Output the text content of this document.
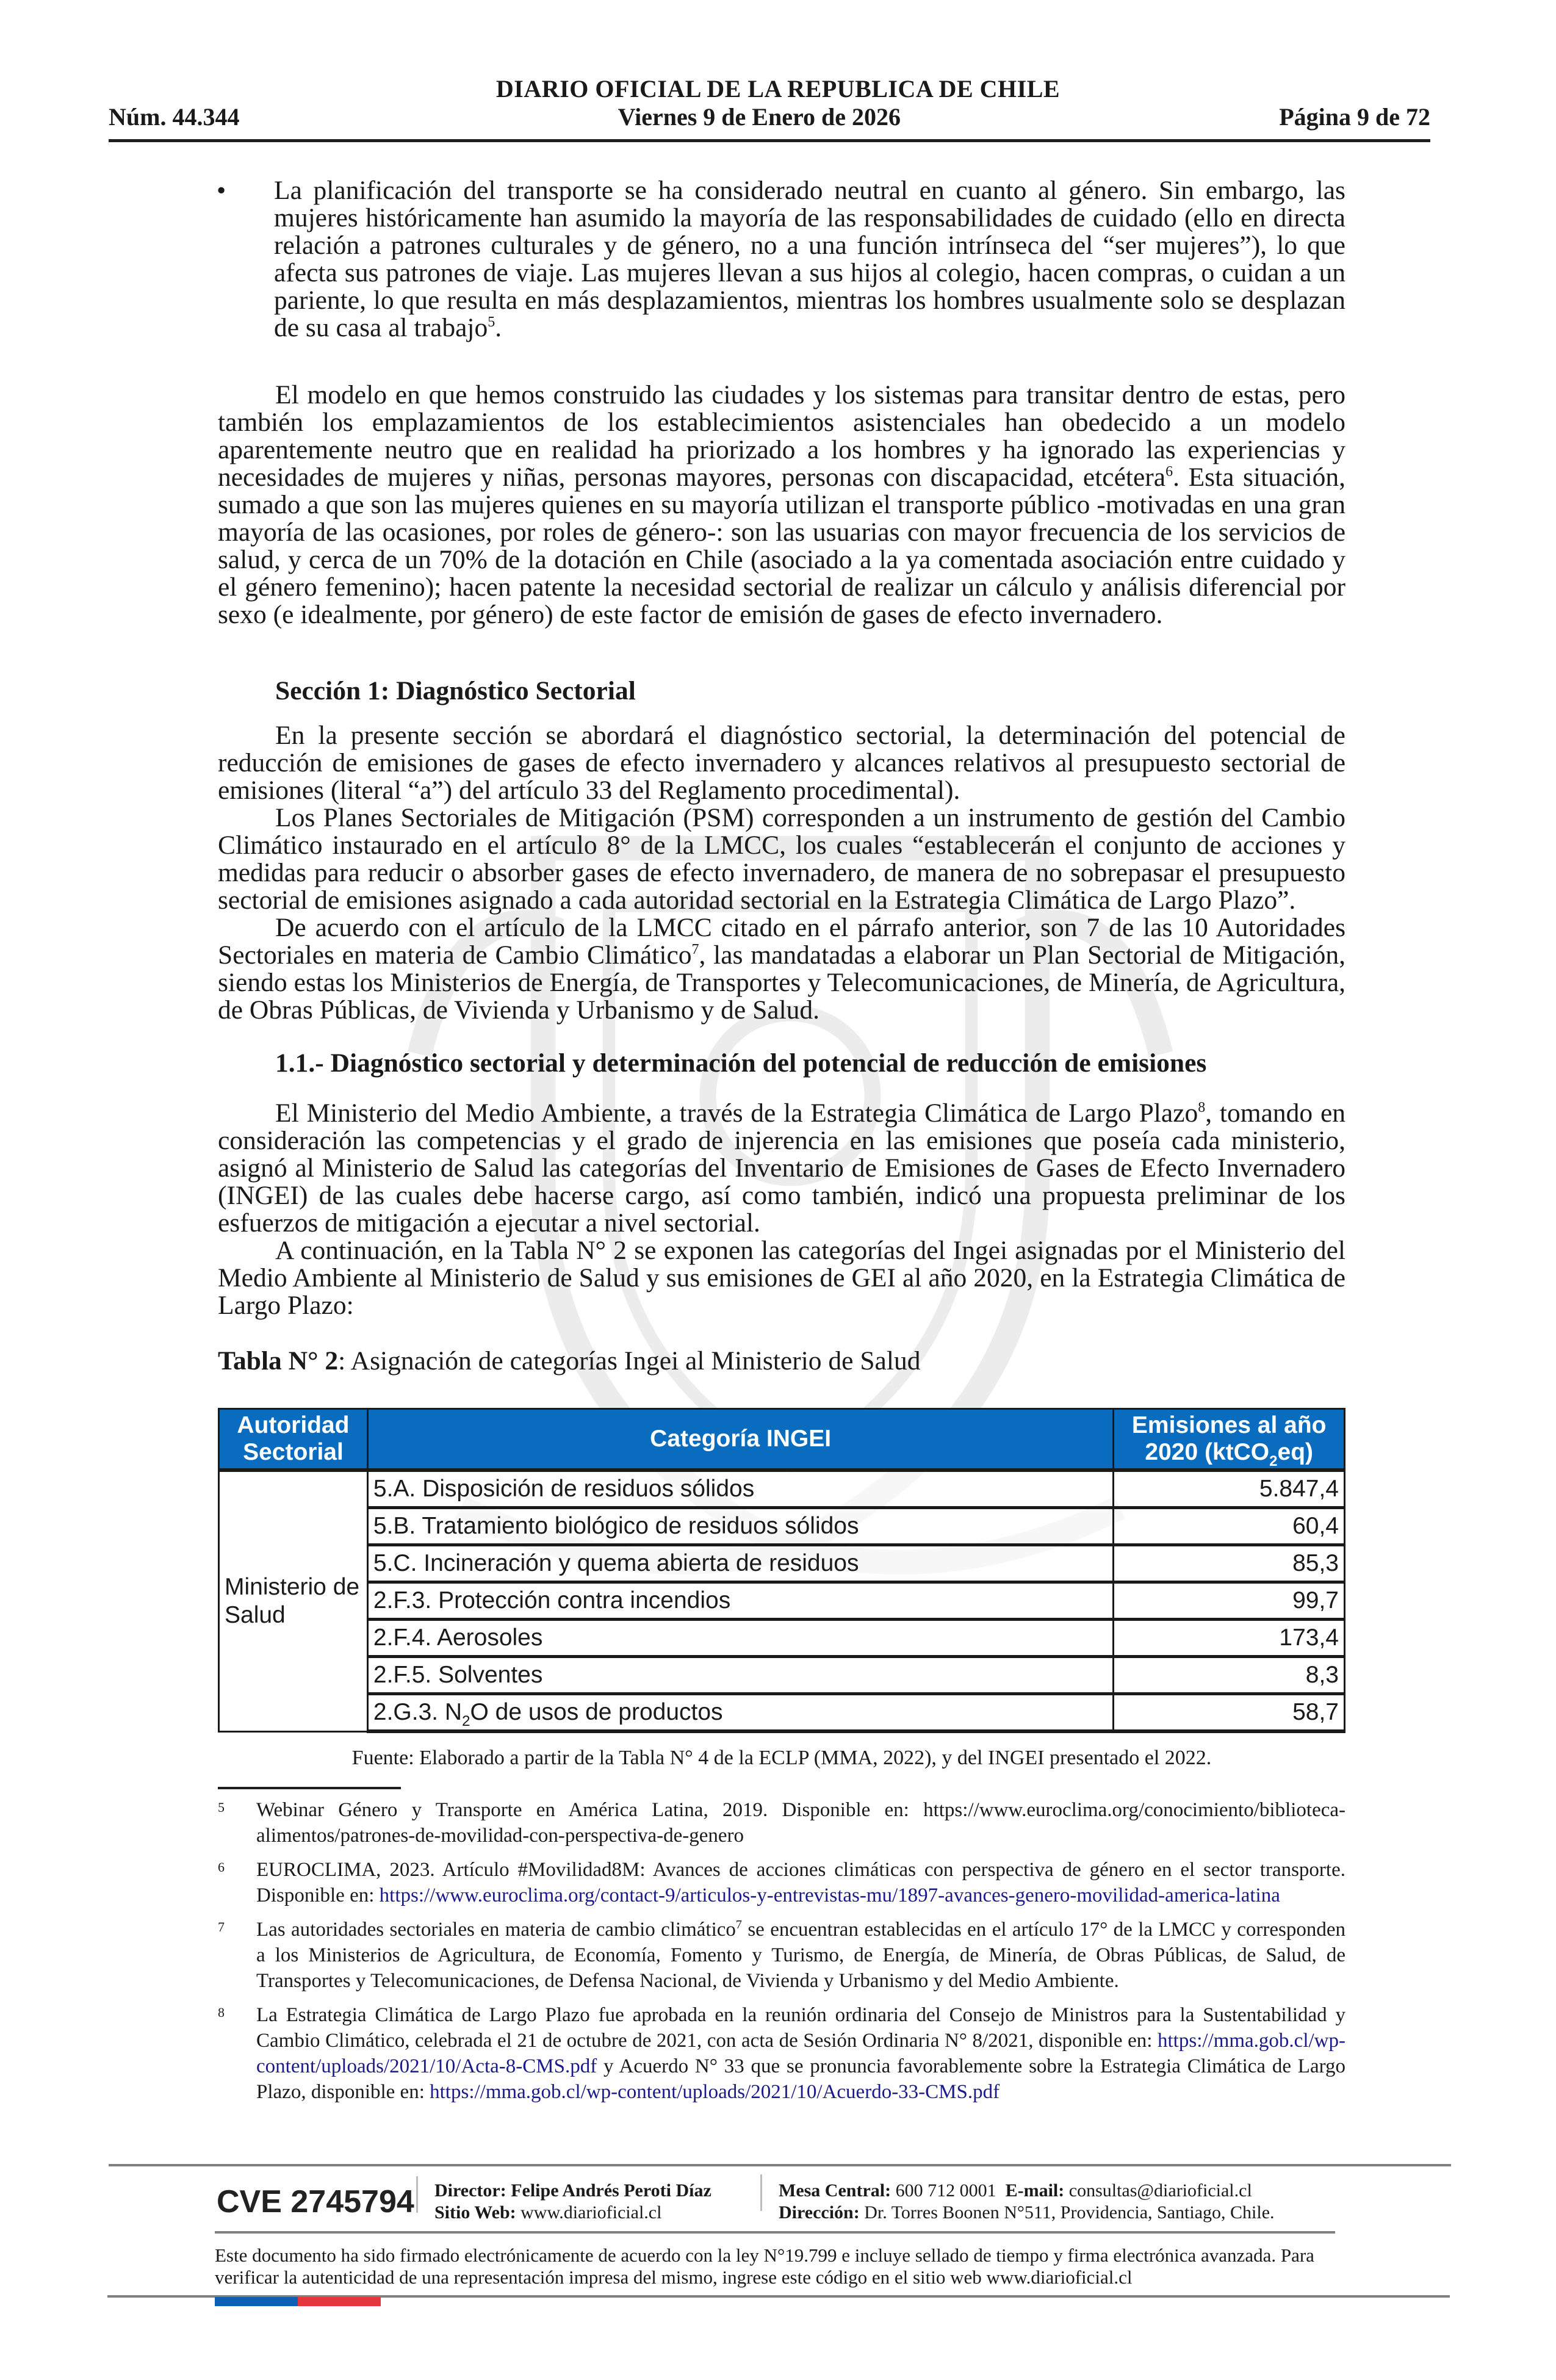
DIARIO OFICIAL DE LA REPUBLICA DE CHILE
Núm. 44.344	Viernes 9 de Enero de 2026	Página 9 de 72
• La planificación del transporte se ha considerado neutral en cuanto al género. Sin embargo, las mujeres históricamente han asumido la mayoría de las responsabilidades de cuidado (ello en directa relación a patrones culturales y de género, no a una función intrínseca del “ser mujeres”), lo que afecta sus patrones de viaje. Las mujeres llevan a sus hijos al colegio, hacen compras, o cuidan a un pariente, lo que resulta en más desplazamientos, mientras los hombres usualmente solo se desplazan de su casa al trabajo$^5$.

El modelo en que hemos construido las ciudades y los sistemas para transitar dentro de estas, pero también los emplazamientos de los establecimientos asistenciales han obedecido a un modelo aparentemente neutro que en realidad ha priorizado a los hombres y ha ignorado las experiencias y necesidades de mujeres y niñas, personas mayores, personas con discapacidad, etcétera$^6$. Esta situación, sumado a que son las mujeres quienes en su mayoría utilizan el transporte público -motivadas en una gran mayoría de las ocasiones, por roles de género-: son las usuarias con mayor frecuencia de los servicios de salud, y cerca de un 70% de la dotación en Chile (asociado a la ya comentada asociación entre cuidado y el género femenino); hacen patente la necesidad sectorial de realizar un cálculo y análisis diferencial por sexo (e idealmente, por género) de este factor de emisión de gases de efecto invernadero.

Sección 1: Diagnóstico Sectorial

En la presente sección se abordará el diagnóstico sectorial, la determinación del potencial de reducción de emisiones de gases de efecto invernadero y alcances relativos al presupuesto sectorial de emisiones (literal “a”) del artículo 33 del Reglamento procedimental).

Los Planes Sectoriales de Mitigación (PSM) corresponden a un instrumento de gestión del Cambio Climático instaurado en el artículo 8° de la LMCC, los cuales “establecerán el conjunto de acciones y medidas para reducir o absorber gases de efecto invernadero, de manera de no sobrepasar el presupuesto sectorial de emisiones asignado a cada autoridad sectorial en la Estrategia Climática de Largo Plazo”.

De acuerdo con el artículo de la LMCC citado en el párrafo anterior, son 7 de las 10 Autoridades Sectoriales en materia de Cambio Climático$^7$, las mandatadas a elaborar un Plan Sectorial de Mitigación, siendo estas los Ministerios de Energía, de Transportes y Telecomunicaciones, de Minería, de Agricultura, de Obras Públicas, de Vivienda y Urbanismo y de Salud.

1.1.- Diagnóstico sectorial y determinación del potencial de reducción de emisiones

El Ministerio del Medio Ambiente, a través de la Estrategia Climática de Largo Plazo$^8$, tomando en consideración las competencias y el grado de injerencia en las emisiones que poseía cada ministerio, asignó al Ministerio de Salud las categorías del Inventario de Emisiones de Gases de Efecto Invernadero (INGEI) de las cuales debe hacerse cargo, así como también, indicó una propuesta preliminar de los esfuerzos de mitigación a ejecutar a nivel sectorial.

A continuación, en la Tabla N° 2 se exponen las categorías del Ingei asignadas por el Ministerio del Medio Ambiente al Ministerio de Salud y sus emisiones de GEI al año 2020, en la Estrategia Climática de Largo Plazo:

Tabla N° 2: Asignación de categorías Ingei al Ministerio de Salud
Autoridad Sectorial	Categoría INGEI	Emisiones al año
2020 (ktCO$_2$eq)
Ministerio de Salud	5.A. Disposición de residuos sólidos	5.847,4
	5.B. Tratamiento biológico de residuos sólidos	60,4
	5.C. Incineración y quema abierta de residuos	85,3
	2.F.3. Protección contra incendios	99,7
	2.F.4. Aerosoles	173,4
	2.F.5. Solventes	8,3
	2.G.3. $N_2O$ de usos de productos	58,7
Fuente: Elaborado a partir de la Tabla N° 4 de la ECLP (MMA, 2022), y del INGEI presentado el 2022.
5 Webinar Género y Transporte en América Latina, 2019. Disponible en: https://www.euroclima.org/conocimiento/biblioteca-alimentos/patrones-de-movilidad-con-perspectiva-de-genero
6 EUROCLIMA, 2023. Artículo #Movilidad8M: Avances de acciones climáticas con perspectiva de género en el sector transporte. Disponible en: https://www.euroclima.org/contact-9/articulos-y-entrevistas-mu/1897-avances-genero-movilidad-america-latina
7 Las autoridades sectoriales en materia de cambio climático$^7$ se encuentran establecidas en el artículo 17° de la LMCC y corresponden a los Ministerios de Agricultura, de Economía, Fomento y Turismo, de Energía, de Minería, de Obras Públicas, de Salud, de Transportes y Telecomunicaciones, de Defensa Nacional, de Vivienda y Urbanismo y del Medio Ambiente.
8 La Estrategia Climática de Largo Plazo fue aprobada en la reunión ordinaria del Consejo de Ministros para la Sustentabilidad y Cambio Climático, celebrada el 21 de octubre de 2021, con acta de Sesión Ordinaria N° 8/2021, disponible en: https://mma.gob.cl/wp-content/uploads/2021/10/Acta-8-CMS.pdf y Acuerdo N° 33 que se pronuncia favorablemente sobre la Estrategia Climática de Largo Plazo, disponible en: https://mma.gob.cl/wp-content/uploads/2021/10/Acuerdo-33-CMS.pdf
CVE 2745794 Director: Felipe Andrés Peroti Díaz
Sitio Web: www.diarioficial.cl
Mesa Central: 600 712 0001 E-mail: consultas@diarioficial.cl
Dirección: Dr. Torres Boonen N°511, Providencia, Santiago, Chile.
Este documento ha sido firmado electrónicamente de acuerdo con la ley N°19.799 e incluye sellado de tiempo y firma electrónica avanzada. Para verificar la autenticidad de una representación impresa del mismo, ingrese este código en el sitio web www.diarioficial.cl
